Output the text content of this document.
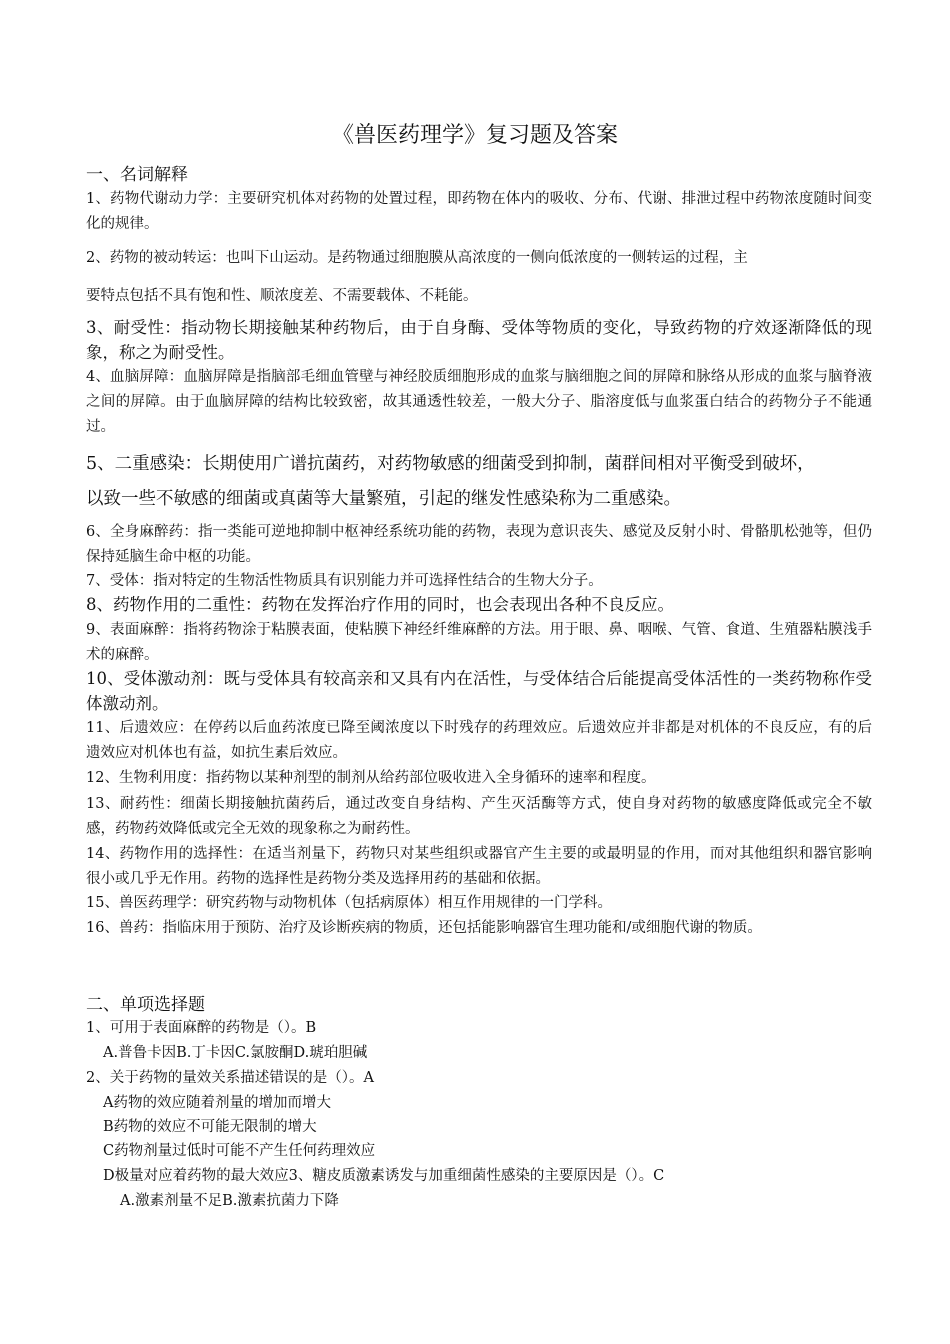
《兽医药理学》复习题及答案
一、名词解释
1、药物代谢动力学：主要研究机体对药物的处置过程，即药物在体内的吸收、分布、代谢、排泄过程中药物浓度随时间变化的规律。
2、药物的被动转运：也叫下山运动。是药物通过细胞膜从高浓度的一侧向低浓度的一侧转运的过程，主
要特点包括不具有饱和性、顺浓度差、不需要载体、不耗能。
3、耐受性：指动物长期接触某种药物后，由于自身酶、受体等物质的变化，导致药物的疗效逐渐降低的现象，称之为耐受性。
4、血脑屏障：血脑屏障是指脑部毛细血管壁与神经胶质细胞形成的血浆与脑细胞之间的屏障和脉络从形成的血浆与脑脊液之间的屏障。由于血脑屏障的结构比较致密，故其通透性较差，一般大分子、脂溶度低与血浆蛋白结合的药物分子不能通过。
5、二重感染：长期使用广谱抗菌药，对药物敏感的细菌受到抑制，菌群间相对平衡受到破坏，
以致一些不敏感的细菌或真菌等大量繁殖，引起的继发性感染称为二重感染。
6、全身麻醉药：指一类能可逆地抑制中枢神经系统功能的药物，表现为意识丧失、感觉及反射小时、骨骼肌松弛等，但仍保持延脑生命中枢的功能。
7、受体：指对特定的生物活性物质具有识别能力并可选择性结合的生物大分子。
8、药物作用的二重性：药物在发挥治疗作用的同时，也会表现出各种不良反应。
9、表面麻醉：指将药物涂于粘膜表面，使粘膜下神经纤维麻醉的方法。用于眼、鼻、咽喉、气管、食道、生殖器粘膜浅手术的麻醉。
10、受体激动剂：既与受体具有较高亲和又具有内在活性，与受体结合后能提高受体活性的一类药物称作受体激动剂。
11、后遗效应：在停药以后血药浓度已降至阈浓度以下时残存的药理效应。后遗效应并非都是对机体的不良反应，有的后遗效应对机体也有益，如抗生素后效应。
12、生物利用度：指药物以某种剂型的制剂从给药部位吸收进入全身循环的速率和程度。
13、耐药性：细菌长期接触抗菌药后，通过改变自身结构、产生灭活酶等方式，使自身对药物的敏感度降低或完全不敏感，药物药效降低或完全无效的现象称之为耐药性。
14、药物作用的选择性：在适当剂量下，药物只对某些组织或器官产生主要的或最明显的作用，而对其他组织和器官影响很小或几乎无作用。药物的选择性是药物分类及选择用药的基础和依据。
15、兽医药理学：研究药物与动物机体（包括病原体）相互作用规律的一门学科。
16、兽药：指临床用于预防、治疗及诊断疾病的物质，还包括能影响器官生理功能和/或细胞代谢的物质。
二、单项选择题
1、可用于表面麻醉的药物是（）。B
A.普鲁卡因B.丁卡因C.氯胺酮D.琥珀胆碱
2、关于药物的量效关系描述错误的是（）。A
A药物的效应随着剂量的增加而增大
B药物的效应不可能无限制的增大
C药物剂量过低时可能不产生任何药理效应
D极量对应着药物的最大效应3、糖皮质激素诱发与加重细菌性感染的主要原因是（）。C
A.激素剂量不足B.激素抗菌力下降
